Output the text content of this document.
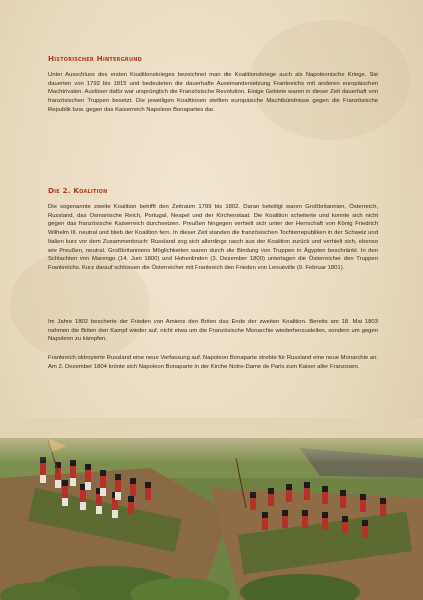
Historischer Hintergrund

Unter Ausschluss des ersten Koalitionskrieges bezeichnet man die Koalitionskriege auch als Napoleonische Kriege. Sie dauerten von 1792 bis 1815 und bedeuteten die dauerhafte Auseinandersetzung Frankreichs mit anderen europäischen Machtrivalen. Auslöser dafür war ursprünglich die Französische Revolution. Einige Gebiete waren in dieser Zeit dauerhaft von französischen Truppen besetzt. Die jeweiligen Koalitionen stellten europäische Machtbündnisse gegen die Französische Republik bzw. gegen das Kaiserreich Napoleon Bonapartes dar.

Die 2. Koalition

Die sogenannte zweite Koalition betrifft den Zeitraum 1799 bis 1802. Daran beteiligt waren Großbritannien, Österreich, Russland, das Osmanische Reich, Portugal, Neapel und der Kirchenstaat. Die Koalition scheiterte und konnte sich nicht gegen das französische Kaiserreich durchsetzen. Preußen hingegen verhielt sich unter der Herrschaft von König Friedrich Wilhelm III. neutral und blieb der Koalition fern. In dieser Zeit standen die französischen Tochterrepubliken in der Schweiz und Italien kurz vor dem Zusammenbruch: Russland zog sich allerdings rasch aus der Koalition zurück und verhielt sich, ebenso wie Preußen, neutral. Großbritanniens Möglichkeiten waren durch die Bindung von Truppen in Ägypten beschränkt. In den Schlachten von Marengo (14. Juni 1800) und Hohenlinden (3. Dezember 1800) unterlagen die Österreicher den Truppen Frankreichs. Kurz darauf schlossen die Österreicher mit Frankreich den Frieden von Lenuéville (9. Februar 1801).

Im Jahre 1802 bescherte der Frieden von Amiens den Briten das Ende der zweiten Koalition. Bereits am 18. Mai 1803 nahmen die Briten den Kampf wieder auf, nicht etwa um die Französische Monarchie wiederherzustellen, sondern um gegen Napoleon zu kämpfen.

Frankreich oktroyierte Russland eine neue Verfassung auf. Napoleon Bonaparte strebte für Russland eine neue Monarchie an. Am 2. Dezember 1804 krönte sich Napoleon Bonaparte in der Kirche Notre-Dame de Paris zum Kaiser aller Franzosen.
